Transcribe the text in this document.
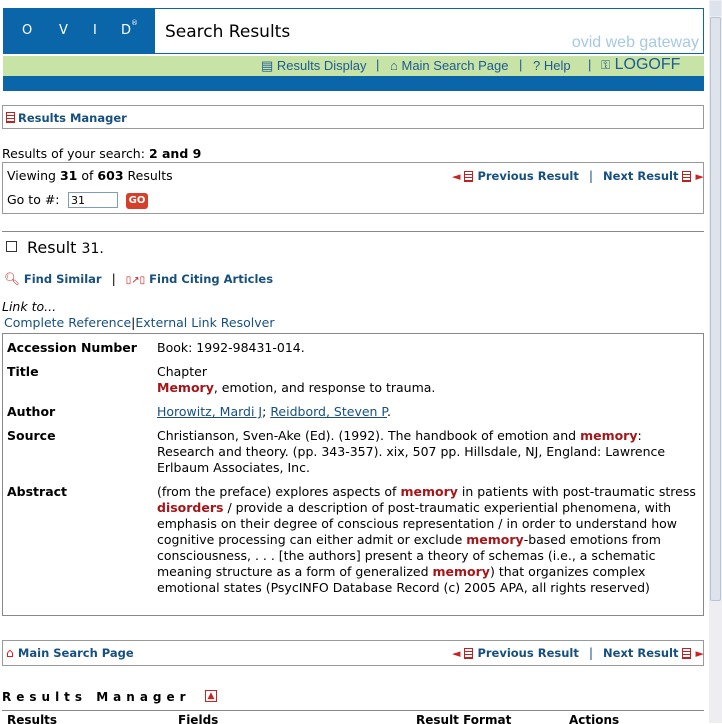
O V I D ® Search Results
ovid web gateway
▤ Results Display | ⌂ Main Search Page | ? Help | ⚿ LOGOFF
Results Manager
Results of your search: 2 and 9
Viewing 31 of 603 Results	◄ Previous Result | Next Result ►
Go to #:
31	GO
Result 31.
🔍︎ Find Similar | ▯↗▯ Find Citing Articles
Link to...
Complete Reference|External Link Resolver
Accession Number Book: 1992-98431-014.
Title	Chapter
Memory, emotion, and response to trauma.
Author	Horowitz, Mardi J; Reidbord, Steven P.
Source	Christianson, Sven-Ake (Ed). (1992). The handbook of emotion and memory: Research and theory. (pp. 343-357). xix, 507 pp. Hillsdale, NJ, England: Lawrence Erlbaum Associates, Inc.
Abstract	(from the preface) explores aspects of memory in patients with post-traumatic stress disorders / provide a description of post-traumatic experiential phenomena, with emphasis on their degree of conscious representation / in order to understand how cognitive processing can either admit or exclude memory-based emotions from consciousness, . . . [the authors] present a theory of schemas (i.e., a schematic meaning structure as a form of generalized memory) that organizes complex emotional states (PsycINFO Database Record (c) 2005 APA, all rights reserved)
⌂ Main Search Page	◄ Previous Result | Next Result ►
Results Manager ▲
Results	Fields	Result Format	Actions
